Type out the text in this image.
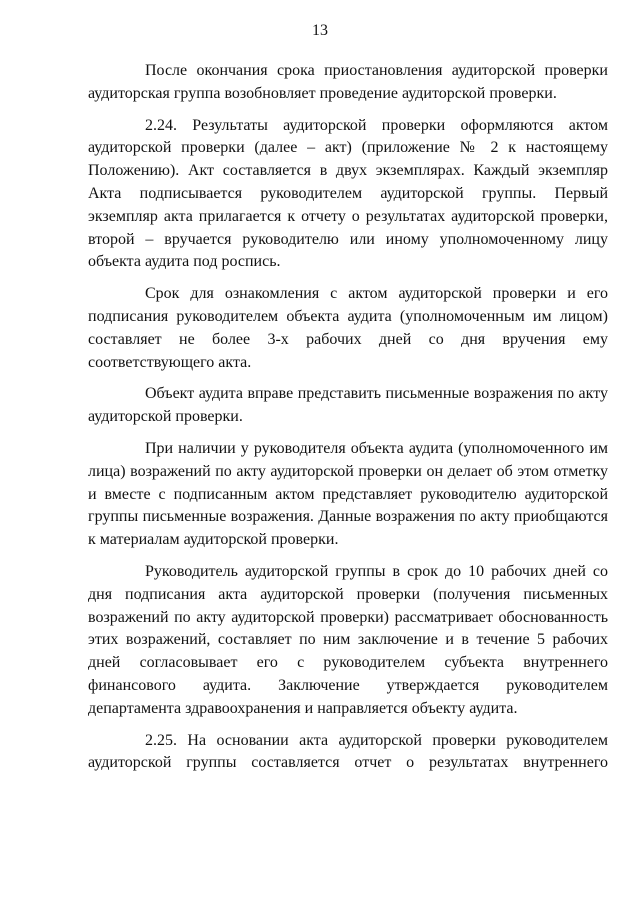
13

После окончания срока приостановления аудиторской проверки аудиторская группа возобновляет проведение аудиторской проверки.

2.24. Результаты аудиторской проверки оформляются актом аудиторской проверки (далее – акт) (приложение № 2 к настоящему Положению). Акт составляется в двух экземплярах. Каждый экземпляр Акта подписывается руководителем аудиторской группы. Первый экземпляр акта прилагается к отчету о результатах аудиторской проверки, второй – вручается руководителю или иному уполномоченному лицу объекта аудита под роспись.

Срок для ознакомления с актом аудиторской проверки и его подписания руководителем объекта аудита (уполномоченным им лицом) составляет не более 3-х рабочих дней со дня вручения ему соответствующего акта.

Объект аудита вправе представить письменные возражения по акту аудиторской проверки.

При наличии у руководителя объекта аудита (уполномоченного им лица) возражений по акту аудиторской проверки он делает об этом отметку и вместе с подписанным актом представляет руководителю аудиторской группы письменные возражения. Данные возражения по акту приобщаются к материалам аудиторской проверки.

Руководитель аудиторской группы в срок до 10 рабочих дней со дня подписания акта аудиторской проверки (получения письменных возражений по акту аудиторской проверки) рассматривает обоснованность этих возражений, составляет по ним заключение и в течение 5 рабочих дней согласовывает его с руководителем субъекта внутреннего финансового аудита. Заключение утверждается руководителем департамента здравоохранения и направляется объекту аудита.

2.25. На основании акта аудиторской проверки руководителем аудиторской группы составляется отчет о результатах внутреннего
